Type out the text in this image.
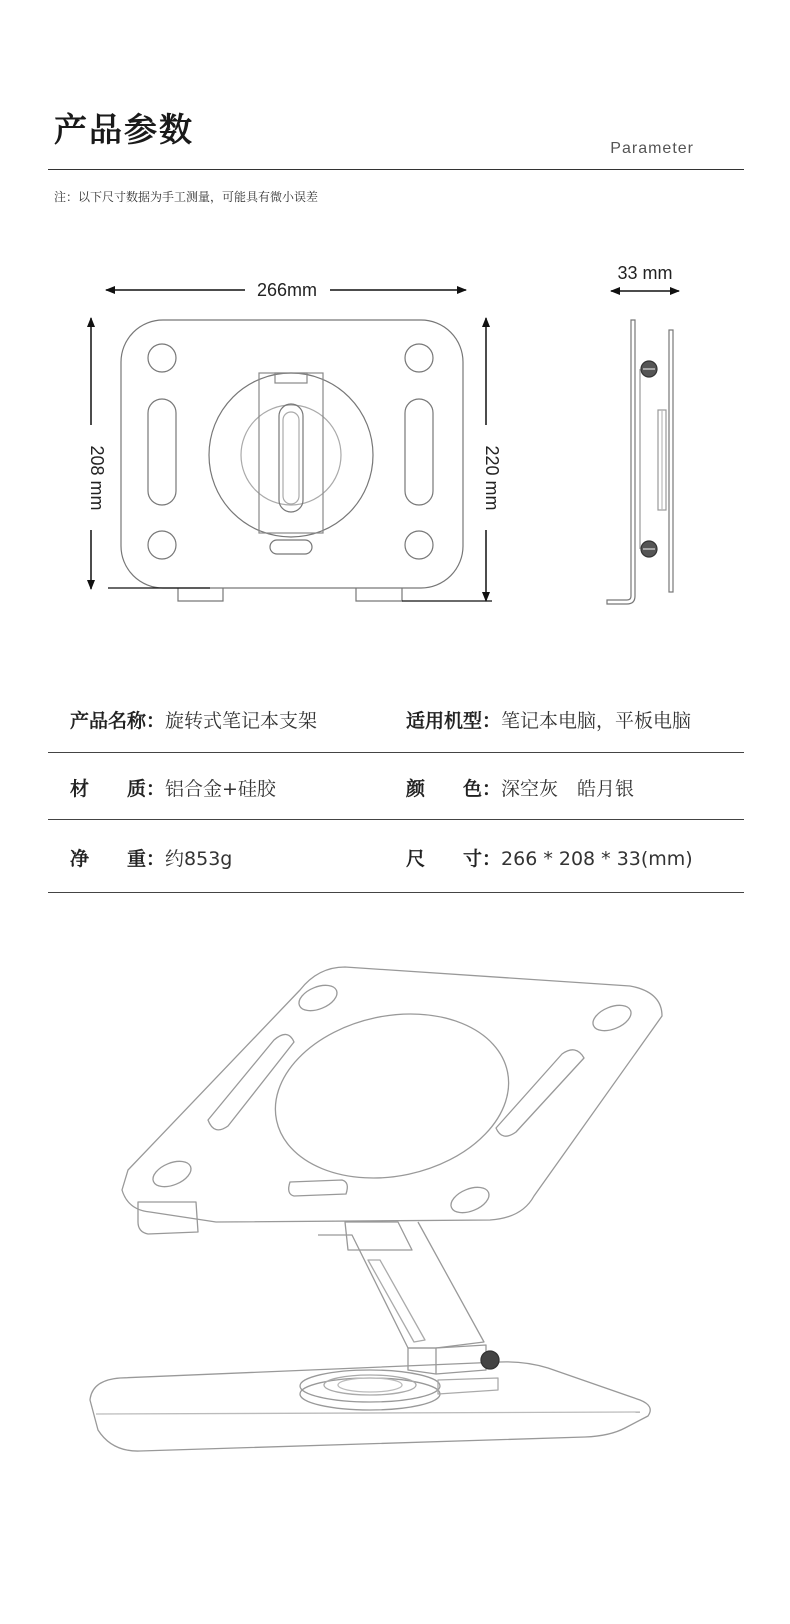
产品参数	Parameter
注：以下尺寸数据为手工测量，可能具有微小误差
266mm
208 mm	220 mm
33 mm
产品名称：旋转式笔记本支架	适用机型：笔记本电脑，平板电脑
材　　质：铝合金+硅胶	颜　　色：深空灰　皓月银
净　　重：约853g	尺　　寸：266 * 208 * 33(mm)
